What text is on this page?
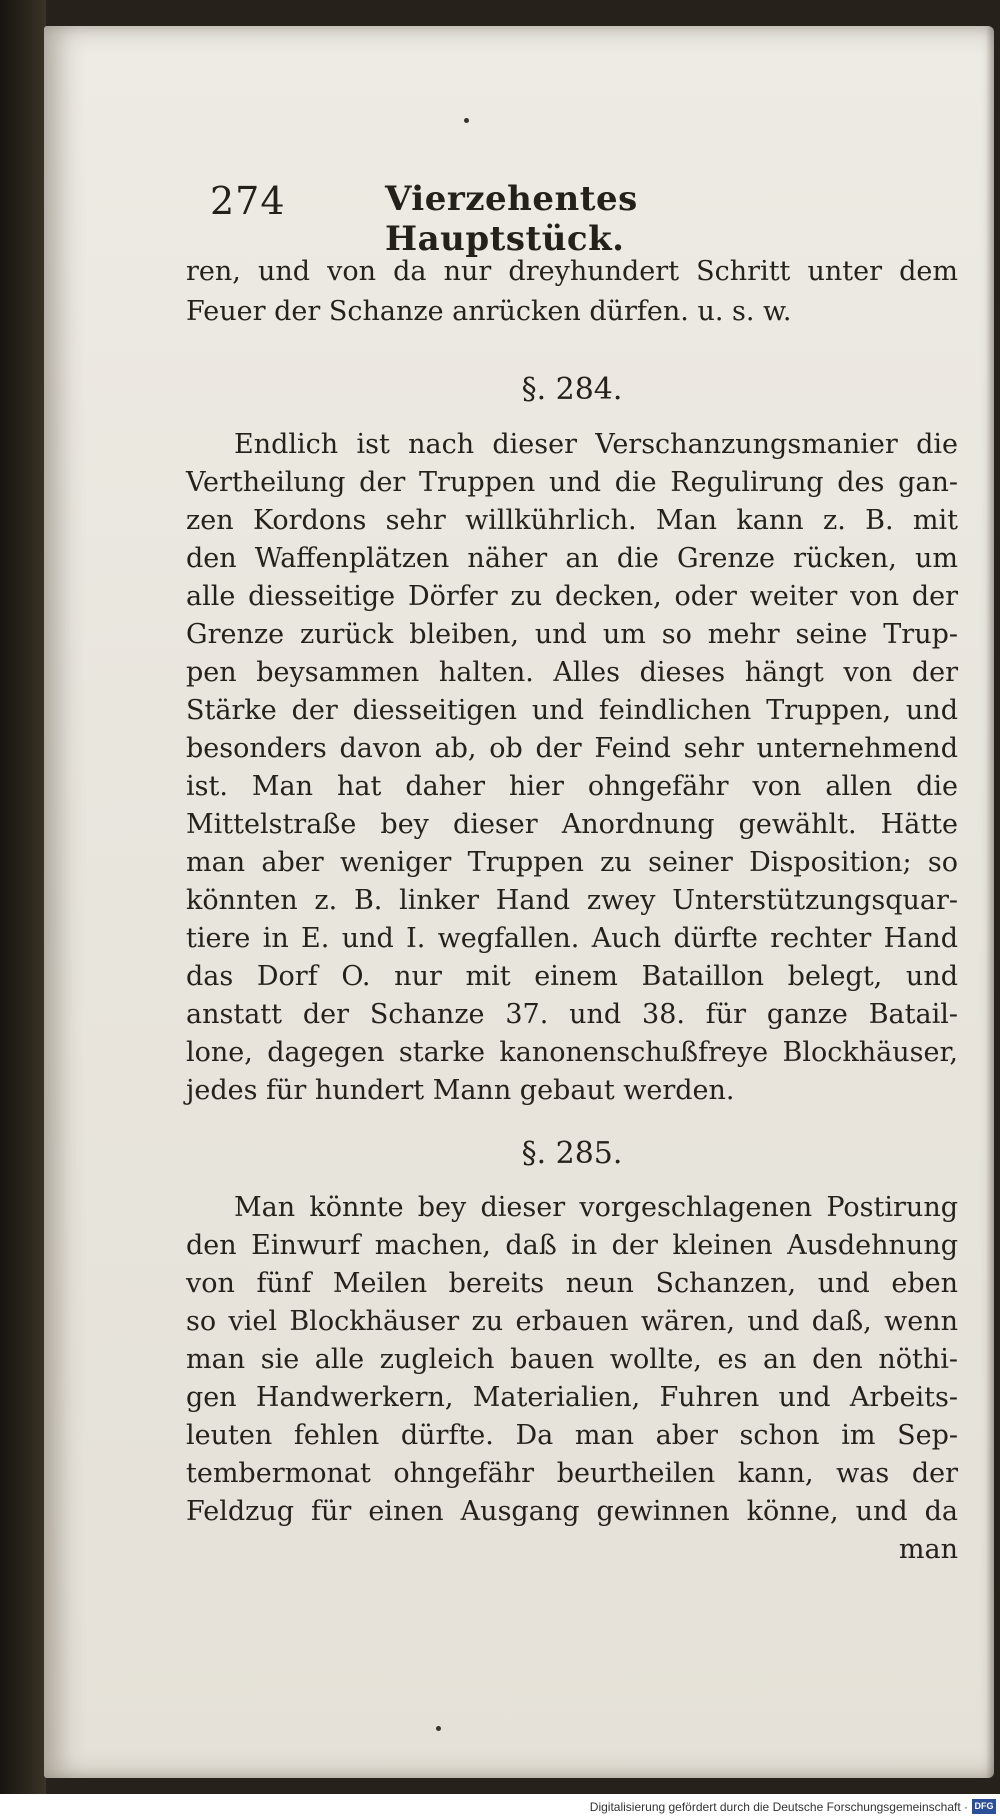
274	Vierzehentes Hauptstück.
ren, und von da nur dreyhundert Schritt unter dem
Feuer der Schanze anrücken dürfen. u. s. w.
§. 284.
Endlich ist nach dieser Verschanzungsmanier die
Vertheilung der Truppen und die Regulirung des gan-
zen Kordons sehr willkührlich. Man kann z. B. mit
den Waffenplätzen näher an die Grenze rücken, um
alle diesseitige Dörfer zu decken, oder weiter von der
Grenze zurück bleiben, und um so mehr seine Trup-
pen beysammen halten. Alles dieses hängt von der
Stärke der diesseitigen und feindlichen Truppen, und
besonders davon ab, ob der Feind sehr unternehmend
ist. Man hat daher hier ohngefähr von allen die
Mittelstraße bey dieser Anordnung gewählt. Hätte
man aber weniger Truppen zu seiner Disposition; so
könnten z. B. linker Hand zwey Unterstützungsquar-
tiere in E. und I. wegfallen. Auch dürfte rechter Hand
das Dorf O. nur mit einem Bataillon belegt, und
anstatt der Schanze 37. und 38. für ganze Batail-
lone, dagegen starke kanonenschußfreye Blockhäuser,
jedes für hundert Mann gebaut werden.
§. 285.
Man könnte bey dieser vorgeschlagenen Postirung
den Einwurf machen, daß in der kleinen Ausdehnung
von fünf Meilen bereits neun Schanzen, und eben
so viel Blockhäuser zu erbauen wären, und daß, wenn
man sie alle zugleich bauen wollte, es an den nöthi-
gen Handwerkern, Materialien, Fuhren und Arbeits-
leuten fehlen dürfte. Da man aber schon im Sep-
tembermonat ohngefähr beurtheilen kann, was der
Feldzug für einen Ausgang gewinnen könne, und da
man
Digitalisierung gefördert durch die Deutsche Forschungsgemeinschaft · DFG
